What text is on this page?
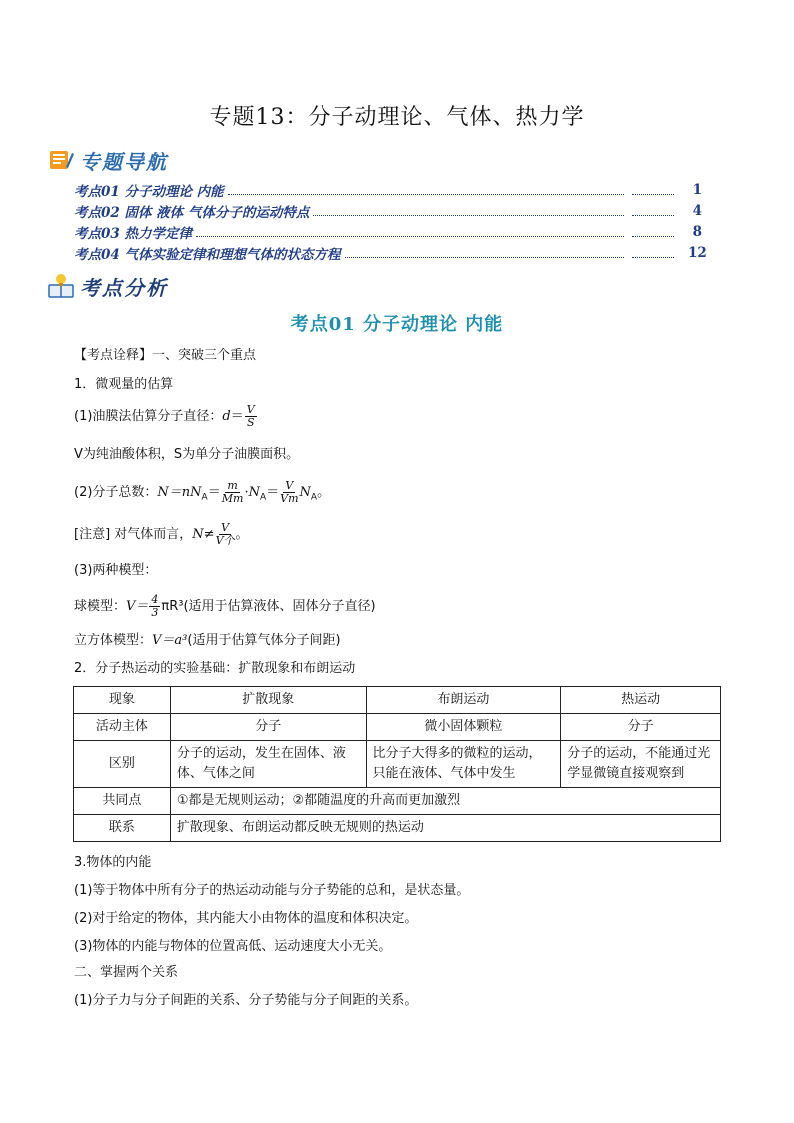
专题13：分子动理论、气体、热力学
专题导航
考点01 分子动理论 内能	1
考点02 固体 液体 气体分子的运动特点	4
考点03 热力学定律	8
考点04 气体实验定律和理想气体的状态方程	12
考点分析
考点01 分子动理论 内能
【考点诠释】一、突破三个重点
1．微观量的估算
(1)油膜法估算分子直径：$d= \frac{V}{S}$
V为纯油酸体积，S为单分子油膜面积。
(2)分子总数：$N=nN_A= \frac{m}{Mm} \cdot N_A= \frac{V}{Vm} N_A$。
[注意] 对气体而言，$N\ne \frac{V}{\text{V个}}$ 。
(3)两种模型：
球模型：$V= \frac{4}{3} \pi R^3$(适用于估算液体、固体分子直径)
立方体模型：V＝a³(适用于估算气体分子间距)
2．分子热运动的实验基础：扩散现象和布朗运动
现象	扩散现象	布朗运动	热运动
活动主体	分子	微小固体颗粒	分子
区别	分子的运动，发生在固体、液体、气体之间	比分子大得多的微粒的运动，只能在液体、气体中发生	分子的运动，不能通过光学显微镜直接观察到
共同点	①都是无规则运动；②都随温度的升高而更加激烈		
联系	扩散现象、布朗运动都反映无规则的热运动		
3.物体的内能
(1)等于物体中所有分子的热运动动能与分子势能的总和，是状态量。
(2)对于给定的物体，其内能大小由物体的温度和体积决定。
(3)物体的内能与物体的位置高低、运动速度大小无关。
二、掌握两个关系
(1)分子力与分子间距的关系、分子势能与分子间距的关系。
